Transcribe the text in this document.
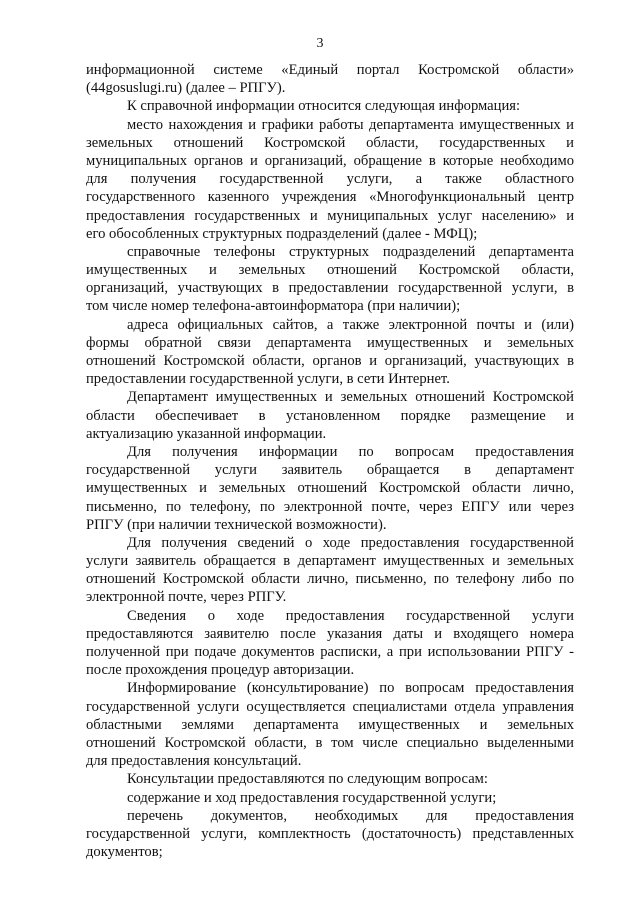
3
информационной системе «Единый портал Костромской области»
(44gosuslugi.ru) (далее – РПГУ).
К справочной информации относится следующая информация:
место нахождения и графики работы департамента имущественных и
земельных отношений Костромской области, государственных и
муниципальных органов и организаций, обращение в которые необходимо
для получения государственной услуги, а также областного
государственного казенного учреждения «Многофункциональный центр
предоставления государственных и муниципальных услуг населению» и
его обособленных структурных подразделений (далее - МФЦ);
справочные телефоны структурных подразделений департамента
имущественных и земельных отношений Костромской области,
организаций, участвующих в предоставлении государственной услуги, в
том числе номер телефона-автоинформатора (при наличии);
адреса официальных сайтов, а также электронной почты и (или)
формы обратной связи департамента имущественных и земельных
отношений Костромской области, органов и организаций, участвующих в
предоставлении государственной услуги, в сети Интернет.
Департамент имущественных и земельных отношений Костромской
области обеспечивает в установленном порядке размещение и
актуализацию указанной информации.
Для получения информации по вопросам предоставления
государственной услуги заявитель обращается в департамент
имущественных и земельных отношений Костромской области лично,
письменно, по телефону, по электронной почте, через ЕПГУ или через
РПГУ (при наличии технической возможности).
Для получения сведений о ходе предоставления государственной
услуги заявитель обращается в департамент имущественных и земельных
отношений Костромской области лично, письменно, по телефону либо по
электронной почте, через РПГУ.
Сведения о ходе предоставления государственной услуги
предоставляются заявителю после указания даты и входящего номера
полученной при подаче документов расписки, а при использовании РПГУ -
после прохождения процедур авторизации.
Информирование (консультирование) по вопросам предоставления
государственной услуги осуществляется специалистами отдела управления
областными землями департамента имущественных и земельных
отношений Костромской области, в том числе специально выделенными
для предоставления консультаций.
Консультации предоставляются по следующим вопросам:
содержание и ход предоставления государственной услуги;
перечень документов, необходимых для предоставления
государственной услуги, комплектность (достаточность) представленных
документов;
